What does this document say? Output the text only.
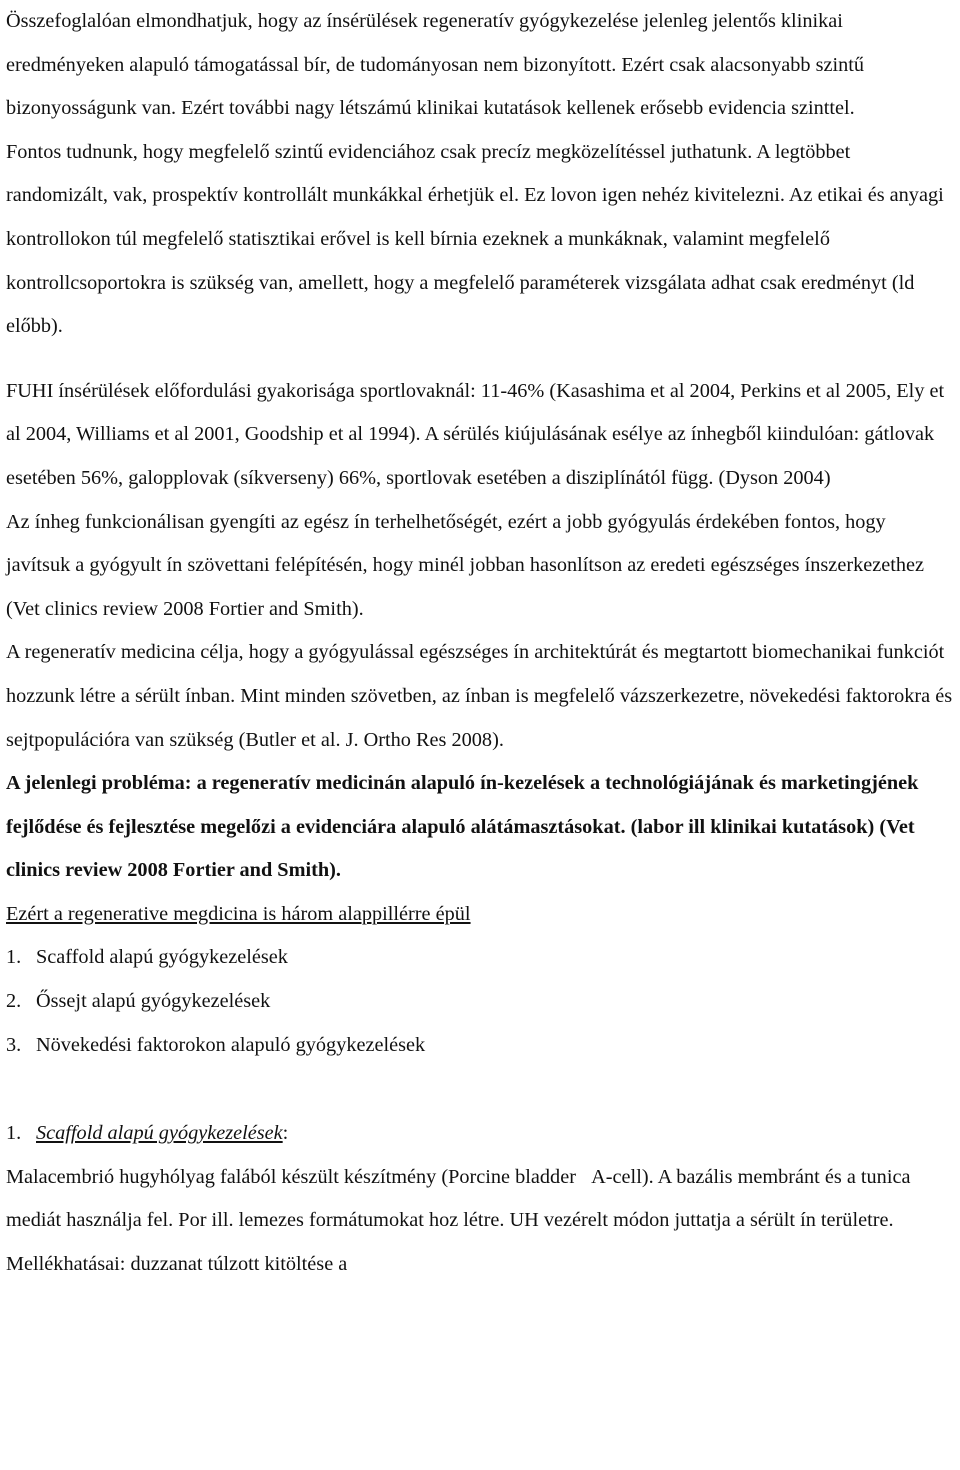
Összefoglalóan elmondhatjuk, hogy az ínsérülések regeneratív gyógykezelése jelenleg jelentős klinikai eredményeken alapuló támogatással bír, de tudományosan nem bizonyított. Ezért csak alacsonyabb szintű bizonyosságunk van. Ezért további nagy létszámú klinikai kutatások kellenek erősebb evidencia szinttel.

Fontos tudnunk, hogy megfelelő szintű evidenciához csak precíz megközelítéssel juthatunk. A legtöbbet randomizált, vak, prospektív kontrollált munkákkal érhetjük el. Ez lovon igen nehéz kivitelezni. Az etikai és anyagi kontrollokon túl megfelelő statisztikai erővel is kell bírnia ezeknek a munkáknak, valamint megfelelő kontrollcsoportokra is szükség van, amellett, hogy a megfelelő paraméterek vizsgálata adhat csak eredményt (ld előbb).

FUHI ínsérülések előfordulási gyakorisága sportlovaknál: 11-46% (Kasashima et al 2004, Perkins et al 2005, Ely et al 2004, Williams et al 2001, Goodship et al 1994). A sérülés kiújulásának esélye az ínhegből kiindulóan: gátlovak esetében 56%, galopplovak (síkverseny) 66%, sportlovak esetében a disziplínától függ. (Dyson 2004)

Az ínheg funkcionálisan gyengíti az egész ín terhelhetőségét, ezért a jobb gyógyulás érdekében fontos, hogy javítsuk a gyógyult ín szövettani felépítésén, hogy minél jobban hasonlítson az eredeti egészséges ínszerkezethez (Vet clinics review 2008 Fortier and Smith).

A regeneratív medicina célja, hogy a gyógyulással egészséges ín architektúrát és megtartott biomechanikai funkciót hozzunk létre a sérült ínban. Mint minden szövetben, az ínban is megfelelő vázszerkezetre, növekedési faktorokra és sejtpopulációra van szükség (Butler et al. J. Ortho Res 2008).

A jelenlegi probléma: a regeneratív medicinán alapuló ín-kezelések a technológiájának és marketingjének fejlődése és fejlesztése megelőzi a evidenciára alapuló alátámasztásokat. (labor ill klinikai kutatások) (Vet clinics review 2008 Fortier and Smith).

Ezért a regenerative megdicina is három alappillérre épül

1. Scaffold alapú gyógykezelések

2. Őssejt alapú gyógykezelések

3. Növekedési faktorokon alapuló gyógykezelések

1. Scaffold alapú gyógykezelések:

Malacembrió hugyhólyag falából készült készítmény (Porcine bladder   A-cell). A bazális membránt és a tunica mediát használja fel. Por ill. lemezes formátumokat hoz létre. UH vezérelt módon juttatja a sérült ín területre. Mellékhatásai: duzzanat túlzott kitöltése a
